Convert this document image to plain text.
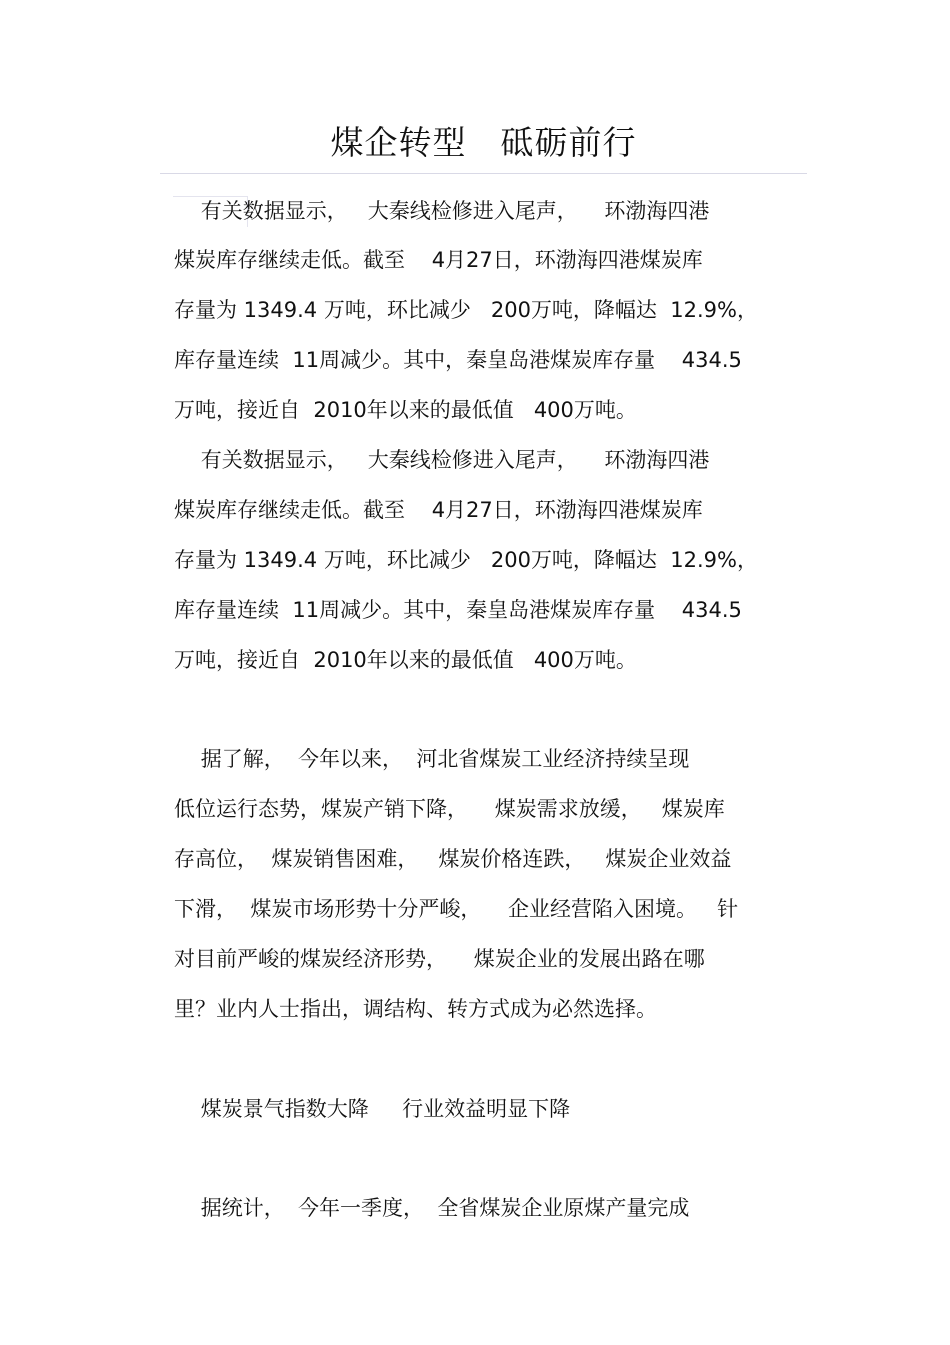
煤企转型　砥砺前行
有关数据显示，   大秦线检修进入尾声，    环渤海四港
煤炭库存继续走低。截至    4月27日，环渤海四港煤炭库
存量为 1349.4 万吨，环比减少   200万吨，降幅达  12.9%，
库存量连续  11周减少。其中，秦皇岛港煤炭库存量    434.5
万吨，接近自  2010年以来的最低值   400万吨。
有关数据显示，   大秦线检修进入尾声，    环渤海四港
煤炭库存继续走低。截至    4月27日，环渤海四港煤炭库
存量为 1349.4 万吨，环比减少   200万吨，降幅达  12.9%，
库存量连续  11周减少。其中，秦皇岛港煤炭库存量    434.5
万吨，接近自  2010年以来的最低值   400万吨。
据了解，  今年以来，  河北省煤炭工业经济持续呈现
低位运行态势，煤炭产销下降，    煤炭需求放缓，   煤炭库
存高位，  煤炭销售困难，   煤炭价格连跌，   煤炭企业效益
下滑，  煤炭市场形势十分严峻，    企业经营陷入困境。   针
对目前严峻的煤炭经济形势，    煤炭企业的发展出路在哪
里？业内人士指出，调结构、转方式成为必然选择。
煤炭景气指数大降     行业效益明显下降
据统计，  今年一季度，  全省煤炭企业原煤产量完成
